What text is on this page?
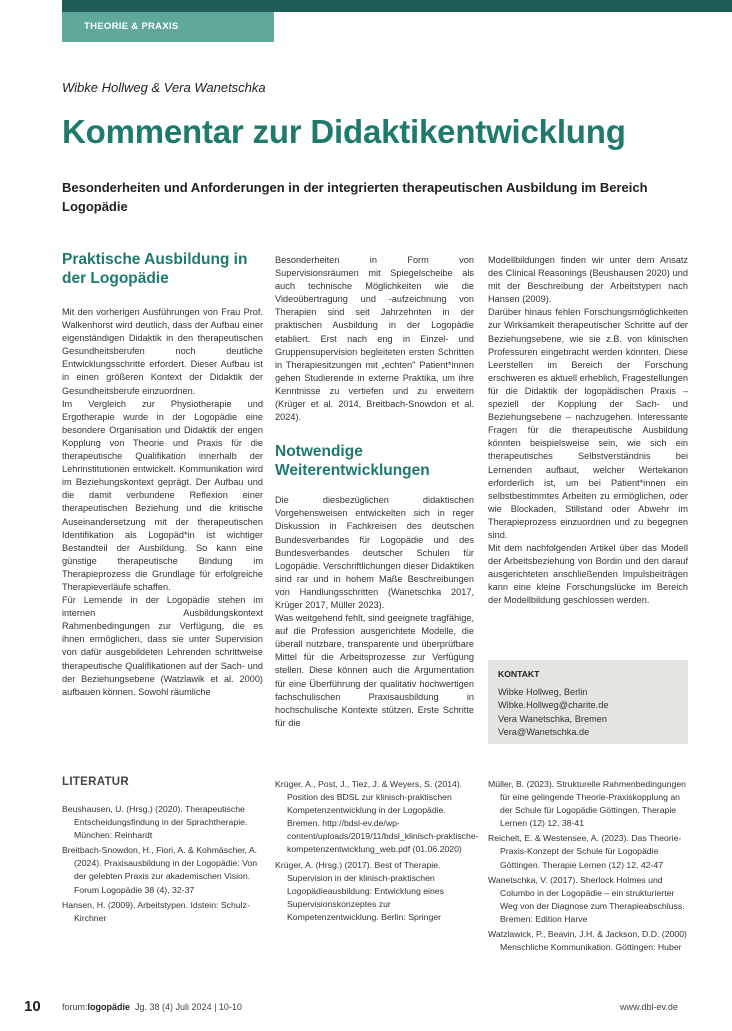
THEORIE & PRAXIS
Wibke Hollweg & Vera Wanetschka
Kommentar zur Didaktikentwicklung

Besonderheiten und Anforderungen in der integrierten therapeutischen Ausbildung im Bereich Logopädie

Praktische Ausbildung in der Logopädie

Mit den vorherigen Ausführungen von Frau Prof. Walkenhorst wird deutlich, dass der Aufbau einer eigenständigen Didaktik in den therapeutischen Gesundheitsberufen noch deutliche Entwicklungsschritte erfordert. Dieser Aufbau ist in einen größeren Kontext der Didaktik der Gesundheitsberufe einzuordnen.

Im Vergleich zur Physiotherapie und Ergotherapie wurde in der Logopädie eine besondere Organisation und Didaktik der engen Kopplung von Theorie und Praxis für die therapeutische Qualifikation innerhalb der Lehrinstitutionen entwickelt. Kommunikation wird im Beziehungskontext geprägt. Der Aufbau und die damit verbundene Reflexion einer therapeutischen Beziehung und die kritische Auseinandersetzung mit der therapeutischen Identifikation als Logopäd*in ist wichtiger Bestandteil der Ausbildung. So kann eine günstige therapeutische Bindung im Therapieprozess die Grundlage für erfolgreiche Therapieverläufe schaffen.

Für Lernende in der Logopädie stehen im internen Ausbildungskontext Rahmenbedingungen zur Verfügung, die es ihnen ermöglichen, dass sie unter Supervision von dafür ausgebildeten Lehrenden schrittweise therapeutische Qualifikationen auf der Sach- und der Beziehungsebene (Watzlawik et al. 2000) aufbauen können. Sowohl räumliche

Besonderheiten in Form von Supervisionsräumen mit Spiegelscheibe als auch technische Möglichkeiten wie die Videoübertragung und -aufzeichnung von Therapien sind seit Jahrzehnten in der praktischen Ausbildung in der Logopädie etabliert. Erst nach eng in Einzel- und Gruppensupervision begleiteten ersten Schritten in Therapiesitzungen mit „echten" Patient*innen gehen Studierende in externe Praktika, um ihre Kenntnisse zu vertiefen und zu erweitern (Krüger et al. 2014, Breitbach-Snowdon et al. 2024).

Notwendige Weiterentwicklungen

Die diesbezüglichen didaktischen Vorgehensweisen entwickelten sich in reger Diskussion in Fachkreisen des deutschen Bundesverbandes für Logopädie und des Bundesverbandes deutscher Schulen für Logopädie. Verschriftlichungen dieser Didaktiken sind rar und in hohem Maße Beschreibungen von Handlungsschritten (Wanetschka 2017, Krüger 2017, Müller 2023).

Was weitgehend fehlt, sind geeignete tragfähige, auf die Profession ausgerichtete Modelle, die überall nutzbare, transparente und überprüfbare Mittel für die Arbeitsprozesse zur Verfügung stellen. Diese können auch die Argumentation für eine Überführung der qualitativ hochwertigen fachschulischen Praxisausbildung in hochschulische Kontexte stützen. Erste Schritte für die

Modellbildungen finden wir unter dem Ansatz des Clinical Reasonings (Beushausen 2020) und mit der Beschreibung der Arbeitstypen nach Hansen (2009).

Darüber hinaus fehlen Forschungsmöglichkeiten zur Wirksamkeit therapeutischer Schritte auf der Beziehungsebene, wie sie z.B. von klinischen Professuren eingebracht werden könnten. Diese Leerstellen im Bereich der Forschung erschweren es aktuell erheblich, Fragestellungen für die Didaktik der logopädischen Praxis – speziell der Kopplung der Sach- und Beziehungsebene – nachzugehen. Interessante Fragen für die therapeutische Ausbildung könnten beispielsweise sein, wie sich ein therapeutisches Selbstverständnis bei Lernenden aufbaut, welcher Wertekanon erforderlich ist, um bei Patient*innen ein selbstbestimmtes Arbeiten zu ermöglichen, oder wie Blockaden, Stillstand oder Abwehr im Therapieprozess einzuordnen und zu begegnen sind.

Mit dem nachfolgenden Artikel über das Modell der Arbeitsbeziehung von Bordin und den darauf ausgerichteten anschließenden Impulsbeiträgen kann eine kleine Forschungslücke im Bereich der Modellbildung geschlossen werden.

KONTAKT
Wibke Hollweg, Berlin
Wibke.Hollweg@charite.de
Vera Wanetschka, Bremen
Vera@Wanetschka.de
LITERATUR

Beushausen, U. (Hrsg.) (2020). Therapeutische Entscheidungsfindung in der Sprachtherapie. München: Reinhardt

Breitbach-Snowdon, H., Fiori, A. & Kohmäscher, A. (2024). Praxisausbildung in der Logopädie: Von der gelebten Praxis zur akademischen Vision. Forum Logopädie 38 (4), 32-37

Hansen, H. (2009). Arbeitstypen. Idstein: Schulz-Kirchner

Krüger, A., Post, J., Tiez, J. & Weyers, S. (2014). Position des BDSL zur klinisch-praktischen Kompetenzentwicklung in der Logopädie. Bremen. http://bdsl-ev.de/wp-content/uploads/2019/11/bdsl_klinisch-praktische-kompetenzentwicklung_web.pdf (01.06.2020)

Krüger, A. (Hrsg.) (2017). Best of Therapie. Supervision in der klinisch-praktischen Logopädieausbildung: Entwicklung eines Supervisionskonzeptes zur Kompetenzentwicklung. Berlin: Springer

Müller, B. (2023). Strukturelle Rahmenbedingungen für eine gelingende Theorie-Praxiskopplung an der Schule für Logopädie Göttingen. Therapie Lernen (12) 12, 38-41

Reichelt, E. & Westensee, A. (2023). Das Theorie-Praxis-Konzept der Schule für Logopädie Göttingen. Therapie Lernen (12) 12, 42-47

Wanetschka, V. (2017). Sherlock Holmes und Columbo in der Logopädie – ein strukturierter Weg von der Diagnose zum Therapieabschluss. Bremen: Edition Harve

Watzlawick, P., Beavin, J.H. & Jackson, D.D. (2000) Menschliche Kommunikation. Göttingen: Huber

10 forum:logopädie Jg. 38 (4) Juli 2024 | 10-10	www.dbl-ev.de
